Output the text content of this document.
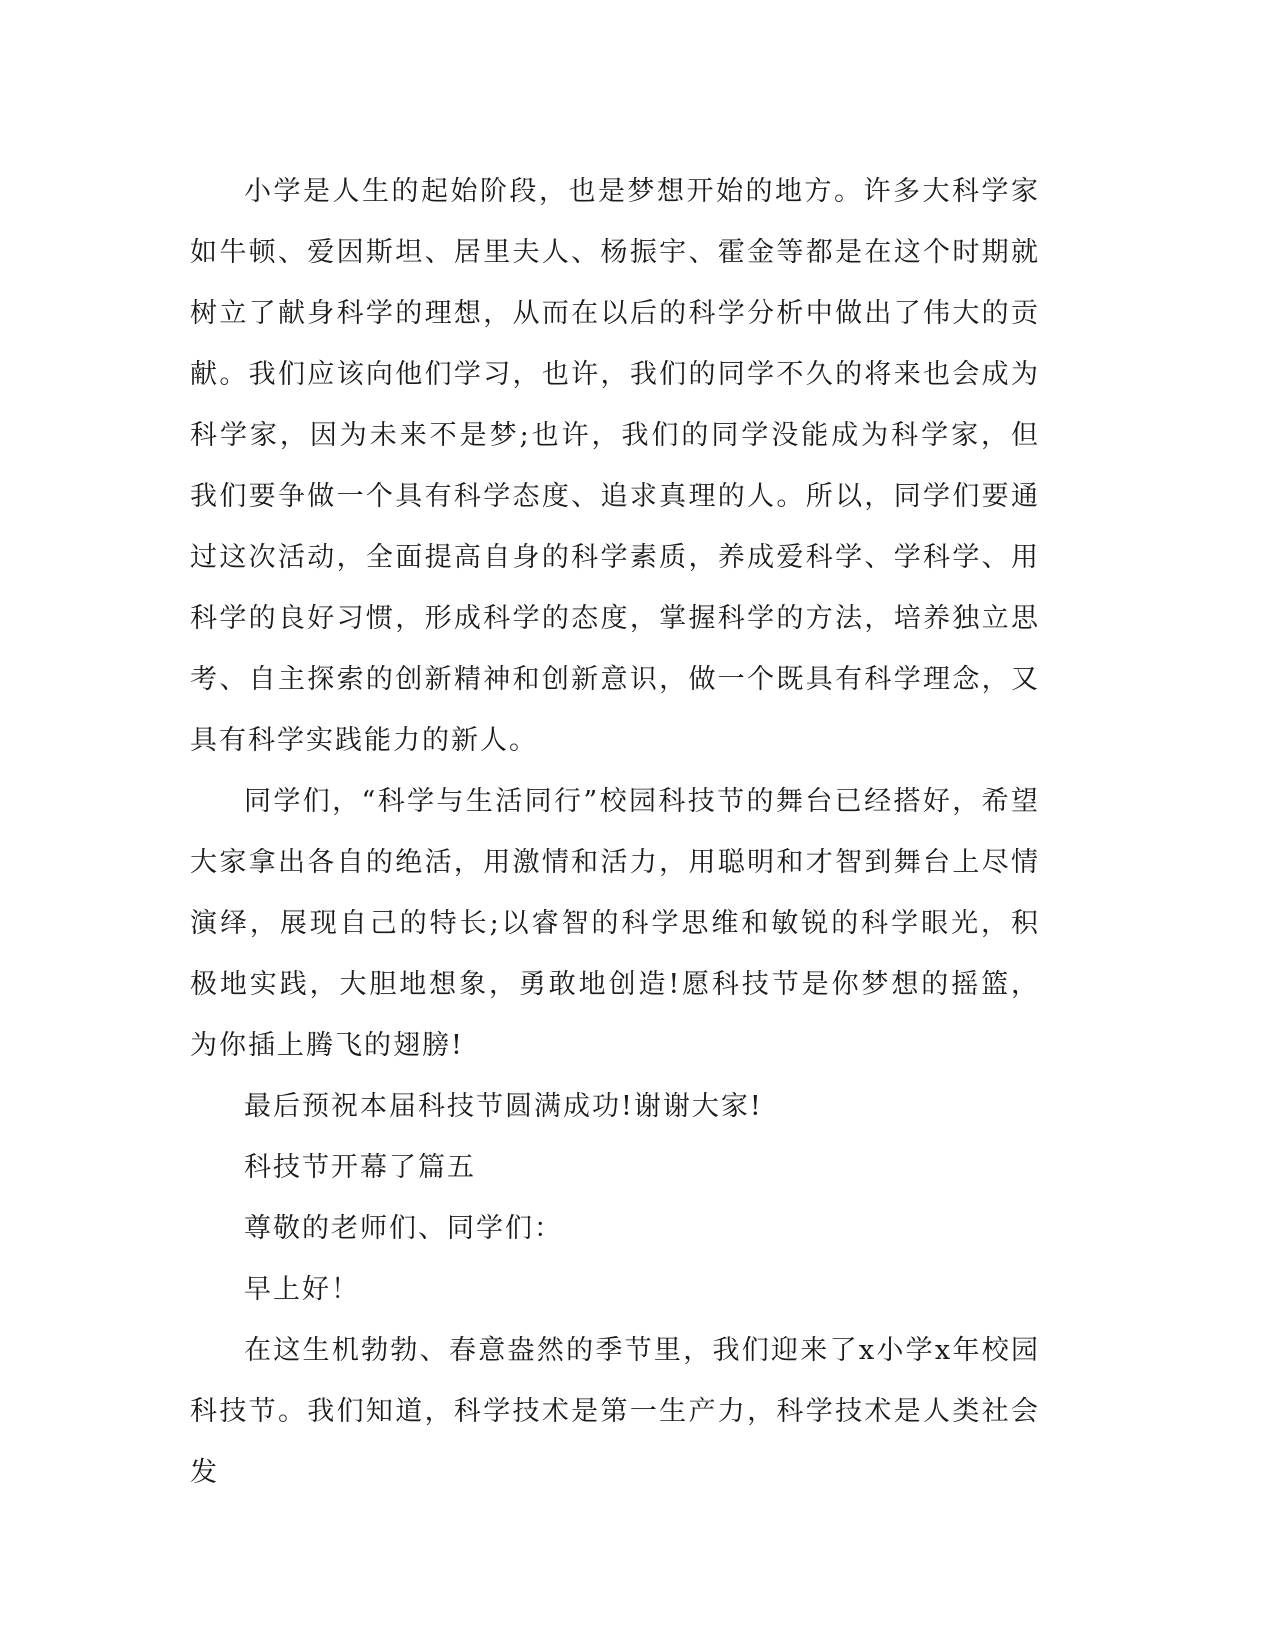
小学是人生的起始阶段，也是梦想开始的地方。许多大科学家如牛顿、爱因斯坦、居里夫人、杨振宇、霍金等都是在这个时期就树立了献身科学的理想，从而在以后的科学分析中做出了伟大的贡献。我们应该向他们学习，也许，我们的同学不久的将来也会成为科学家，因为未来不是梦;也许，我们的同学没能成为科学家，但我们要争做一个具有科学态度、追求真理的人。所以，同学们要通过这次活动，全面提高自身的科学素质，养成爱科学、学科学、用科学的良好习惯，形成科学的态度，掌握科学的方法，培养独立思考、自主探索的创新精神和创新意识，做一个既具有科学理念，又具有科学实践能力的新人。

同学们，“科学与生活同行”校园科技节的舞台已经搭好，希望大家拿出各自的绝活，用激情和活力，用聪明和才智到舞台上尽情演绎，展现自己的特长;以睿智的科学思维和敏锐的科学眼光，积极地实践，大胆地想象，勇敢地创造!愿科技节是你梦想的摇篮，为你插上腾飞的翅膀!

最后预祝本届科技节圆满成功!谢谢大家!

科技节开幕了篇五

尊敬的老师们、同学们：

早上好！

在这生机勃勃、春意盎然的季节里，我们迎来了x小学x年校园科技节。我们知道，科学技术是第一生产力，科学技术是人类社会发
